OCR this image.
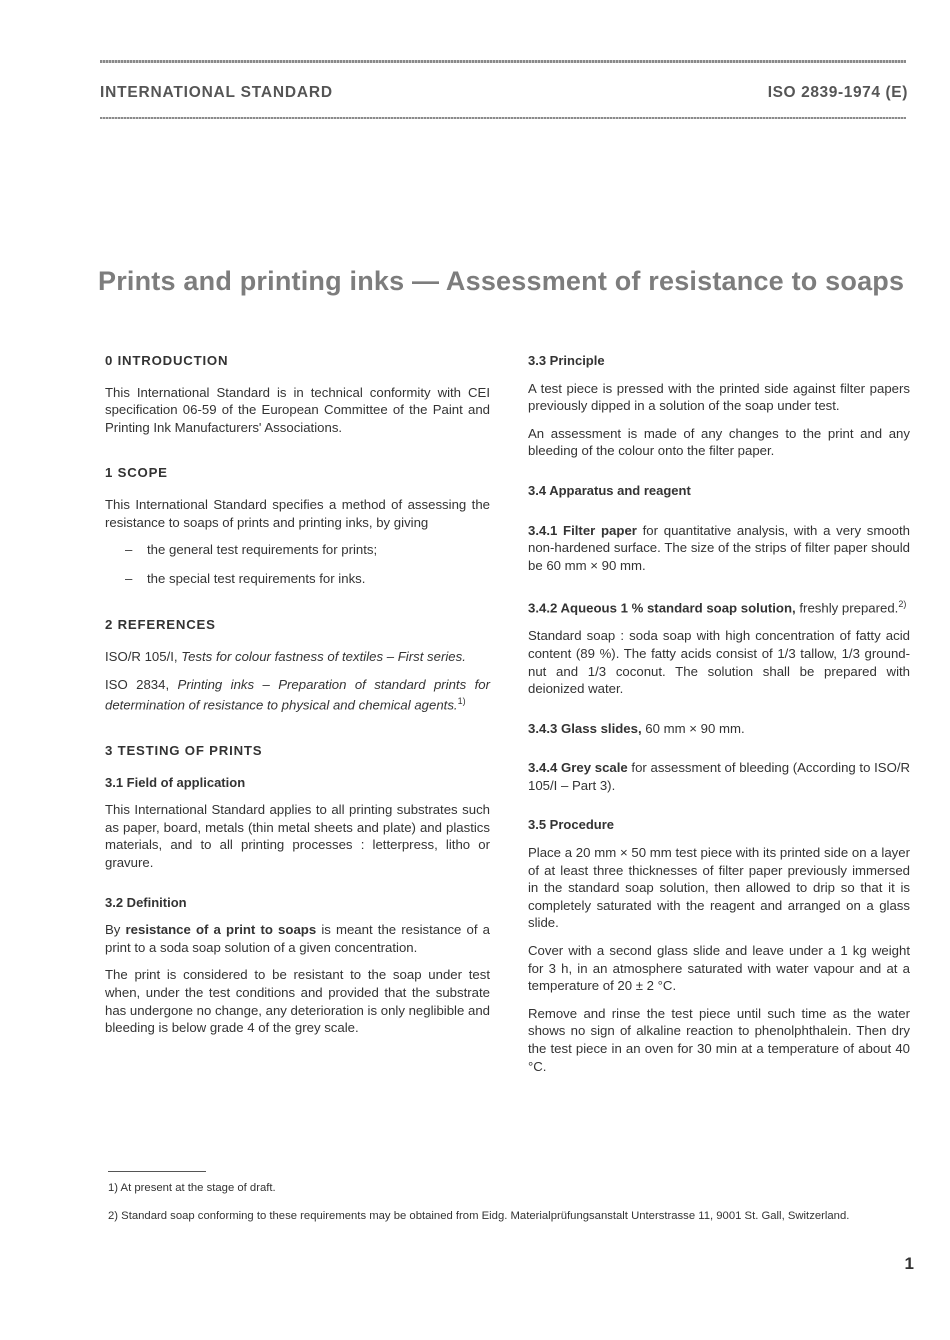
INTERNATIONAL STANDARD	ISO 2839-1974 (E)
Prints and printing inks — Assessment of resistance to soaps
0 INTRODUCTION

This International Standard is in technical conformity with CEI specification 06-59 of the European Committee of the Paint and Printing Ink Manufacturers' Associations.

1 SCOPE

This International Standard specifies a method of assessing the resistance to soaps of prints and printing inks, by giving

– the general test requirements for prints;
– the special test requirements for inks.
2 REFERENCES

ISO/R 105/I, Tests for colour fastness of textiles – First series.

ISO 2834, Printing inks – Preparation of standard prints for determination of resistance to physical and chemical agents.$^{1)}$

3 TESTING OF PRINTS
3.1 Field of application

This International Standard applies to all printing substrates such as paper, board, metals (thin metal sheets and plate) and plastics materials, and to all printing processes : letterpress, litho or gravure.

3.2 Definition

By resistance of a print to soaps is meant the resistance of a print to a soda soap solution of a given concentration.

The print is considered to be resistant to the soap under test when, under the test conditions and provided that the substrate has undergone no change, any deterioration is only neglibible and bleeding is below grade 4 of the grey scale.

3.3 Principle

A test piece is pressed with the printed side against filter papers previously dipped in a solution of the soap under test.

An assessment is made of any changes to the print and any bleeding of the colour onto the filter paper.

3.4 Apparatus and reagent

3.4.1 Filter paper for quantitative analysis, with a very smooth non-hardened surface. The size of the strips of filter paper should be 60 mm × 90 mm.

3.4.2 Aqueous 1 % standard soap solution, freshly prepared.$^{2)}$

Standard soap : soda soap with high concentration of fatty acid content (89 %). The fatty acids consist of 1/3 tallow, 1/3 ground-nut and 1/3 coconut. The solution shall be prepared with deionized water.

3.4.3 Glass slides, 60 mm × 90 mm.

3.4.4 Grey scale for assessment of bleeding (According to ISO/R 105/I – Part 3).

3.5 Procedure

Place a 20 mm × 50 mm test piece with its printed side on a layer of at least three thicknesses of filter paper previously immersed in the standard soap solution, then allowed to drip so that it is completely saturated with the reagent and arranged on a glass slide.

Cover with a second glass slide and leave under a 1 kg weight for 3 h, in an atmosphere saturated with water vapour and at a temperature of 20 ± 2 °C.

Remove and rinse the test piece until such time as the water shows no sign of alkaline reaction to phenolphthalein. Then dry the test piece in an oven for 30 min at a temperature of about 40 °C.

1) At present at the stage of draft.
2) Standard soap conforming to these requirements may be obtained from Eidg. Materialprüfungsanstalt Unterstrasse 11, 9001 St. Gall, Switzerland.
1
